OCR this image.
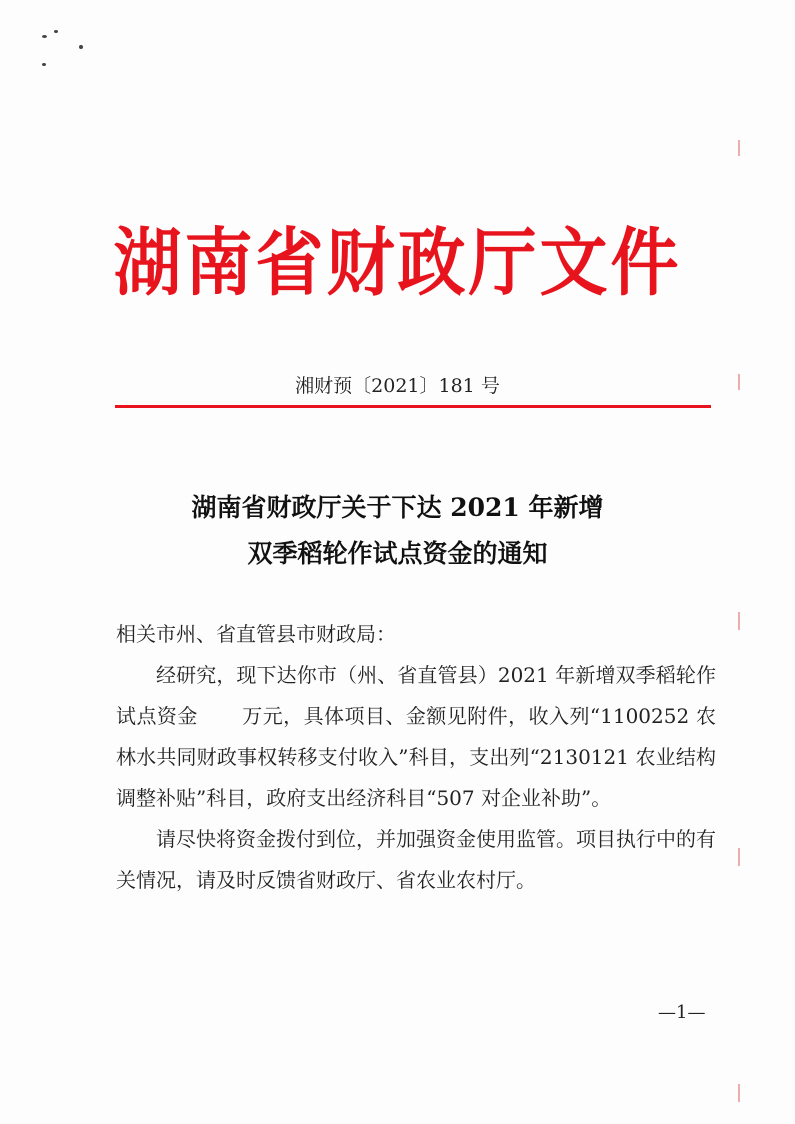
湖南省财政厅文件
湘财预〔2021〕181 号
湖南省财政厅关于下达 2021 年新增
双季稻轮作试点资金的通知

相关市州、省直管县市财政局：

经研究，现下达你市（州、省直管县）2021 年新增双季稻轮作试点资金 万元，具体项目、金额见附件，收入列“1100252 农林水共同财政事权转移支付收入”科目，支出列“2130121 农业结构调整补贴”科目，政府支出经济科目“507 对企业补助”。

请尽快将资金拨付到位，并加强资金使用监管。项目执行中的有关情况，请及时反馈省财政厅、省农业农村厅。

—1—
